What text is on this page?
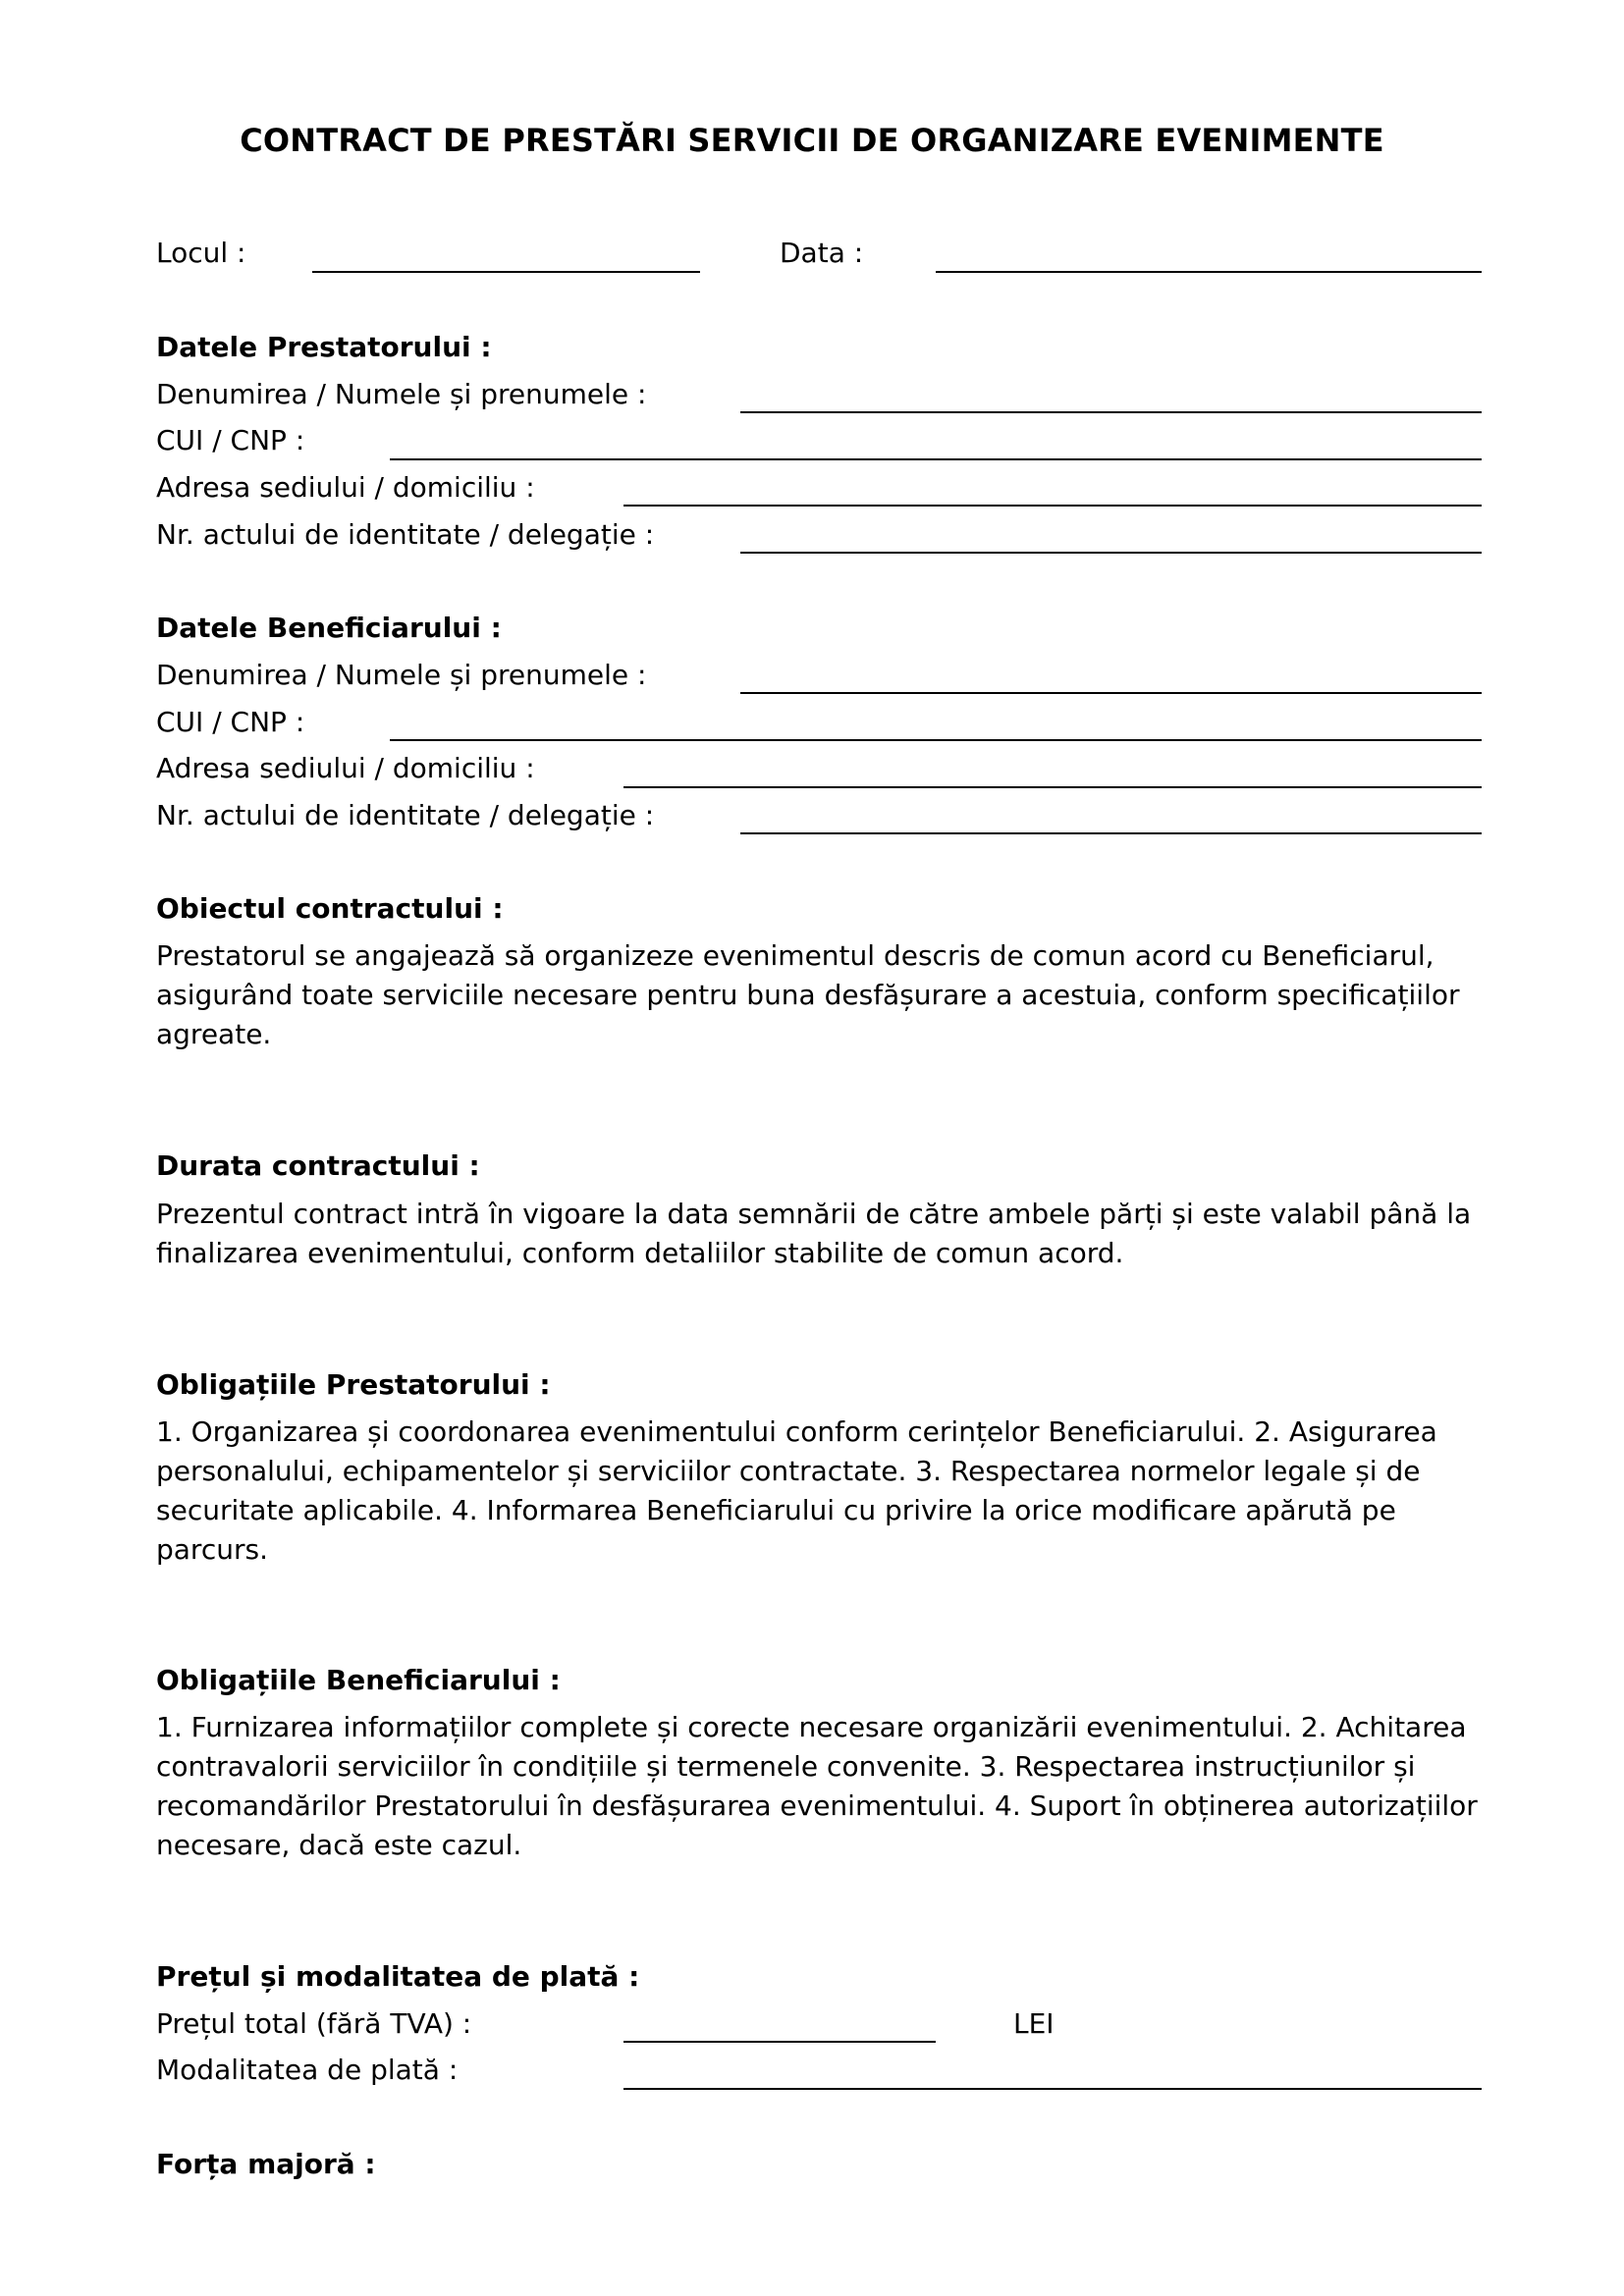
CONTRACT DE PRESTĂRI SERVICII DE ORGANIZARE EVENIMENTE
Locul :	Data :
Datele Prestatorului :
Denumirea / Numele și prenumele :
CUI / CNP :
Adresa sediului / domiciliu :
Nr. actului de identitate / delegație :
Datele Beneficiarului :
Denumirea / Numele și prenumele :
CUI / CNP :
Adresa sediului / domiciliu :
Nr. actului de identitate / delegație :
Obiectul contractului :
Prestatorul se angajează să organizeze evenimentul descris de comun acord cu Beneficiarul, asigurând toate serviciile necesare pentru buna desfășurare a acestuia, conform specificațiilor agreate.
Durata contractului :
Prezentul contract intră în vigoare la data semnării de către ambele părți și este valabil până la finalizarea evenimentului, conform detaliilor stabilite de comun acord.
Obligațiile Prestatorului :
1. Organizarea și coordonarea evenimentului conform cerințelor Beneficiarului. 2. Asigurarea personalului, echipamentelor și serviciilor contractate. 3. Respectarea normelor legale și de securitate aplicabile. 4. Informarea Beneficiarului cu privire la orice modificare apărută pe parcurs.
Obligațiile Beneficiarului :
1. Furnizarea informațiilor complete și corecte necesare organizării evenimentului. 2. Achitarea contravalorii serviciilor în condițiile și termenele convenite. 3. Respectarea instrucțiunilor și recomandărilor Prestatorului în desfășurarea evenimentului. 4. Suport în obținerea autorizațiilor necesare, dacă este cazul.
Prețul și modalitatea de plată :
Prețul total (fără TVA) :	LEI
Modalitatea de plată :
Forța majoră :
